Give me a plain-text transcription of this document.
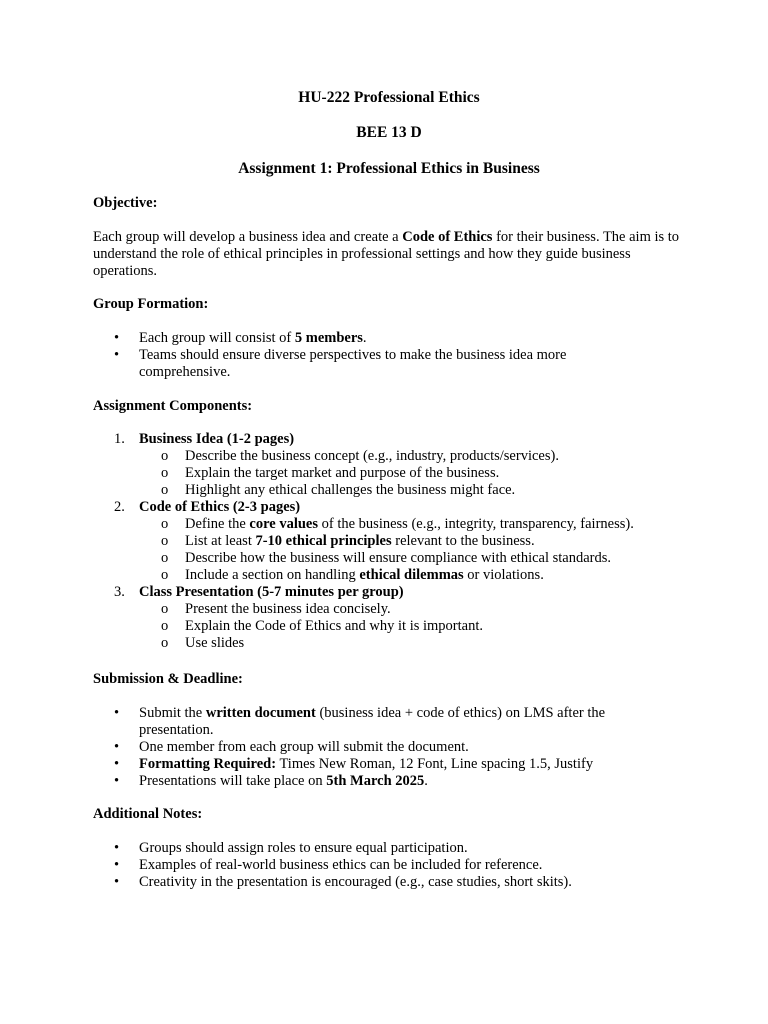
HU-222 Professional Ethics
BEE 13 D
Assignment 1: Professional Ethics in Business

Objective:

Each group will develop a business idea and create a Code of Ethics for their business. The aim is to understand the role of ethical principles in professional settings and how they guide business operations.

Group Formation:

• Each group will consist of 5 members.
• Teams should ensure diverse perspectives to make the business idea more comprehensive.

Assignment Components:

1. Business Idea (1-2 pages)
o Describe the business concept (e.g., industry, products/services).
o Explain the target market and purpose of the business.
o Highlight any ethical challenges the business might face.
2. Code of Ethics (2-3 pages)
o Define the core values of the business (e.g., integrity, transparency, fairness).
o List at least 7-10 ethical principles relevant to the business.
o Describe how the business will ensure compliance with ethical standards.
o Include a section on handling ethical dilemmas or violations.
3. Class Presentation (5-7 minutes per group)
o Present the business idea concisely.
o Explain the Code of Ethics and why it is important.
o Use slides

Submission & Deadline:

• Submit the written document (business idea + code of ethics) on LMS after the presentation.
• One member from each group will submit the document.
• Formatting Required: Times New Roman, 12 Font, Line spacing 1.5, Justify
• Presentations will take place on 5th March 2025.

Additional Notes:

• Groups should assign roles to ensure equal participation.
• Examples of real-world business ethics can be included for reference.
• Creativity in the presentation is encouraged (e.g., case studies, short skits).
